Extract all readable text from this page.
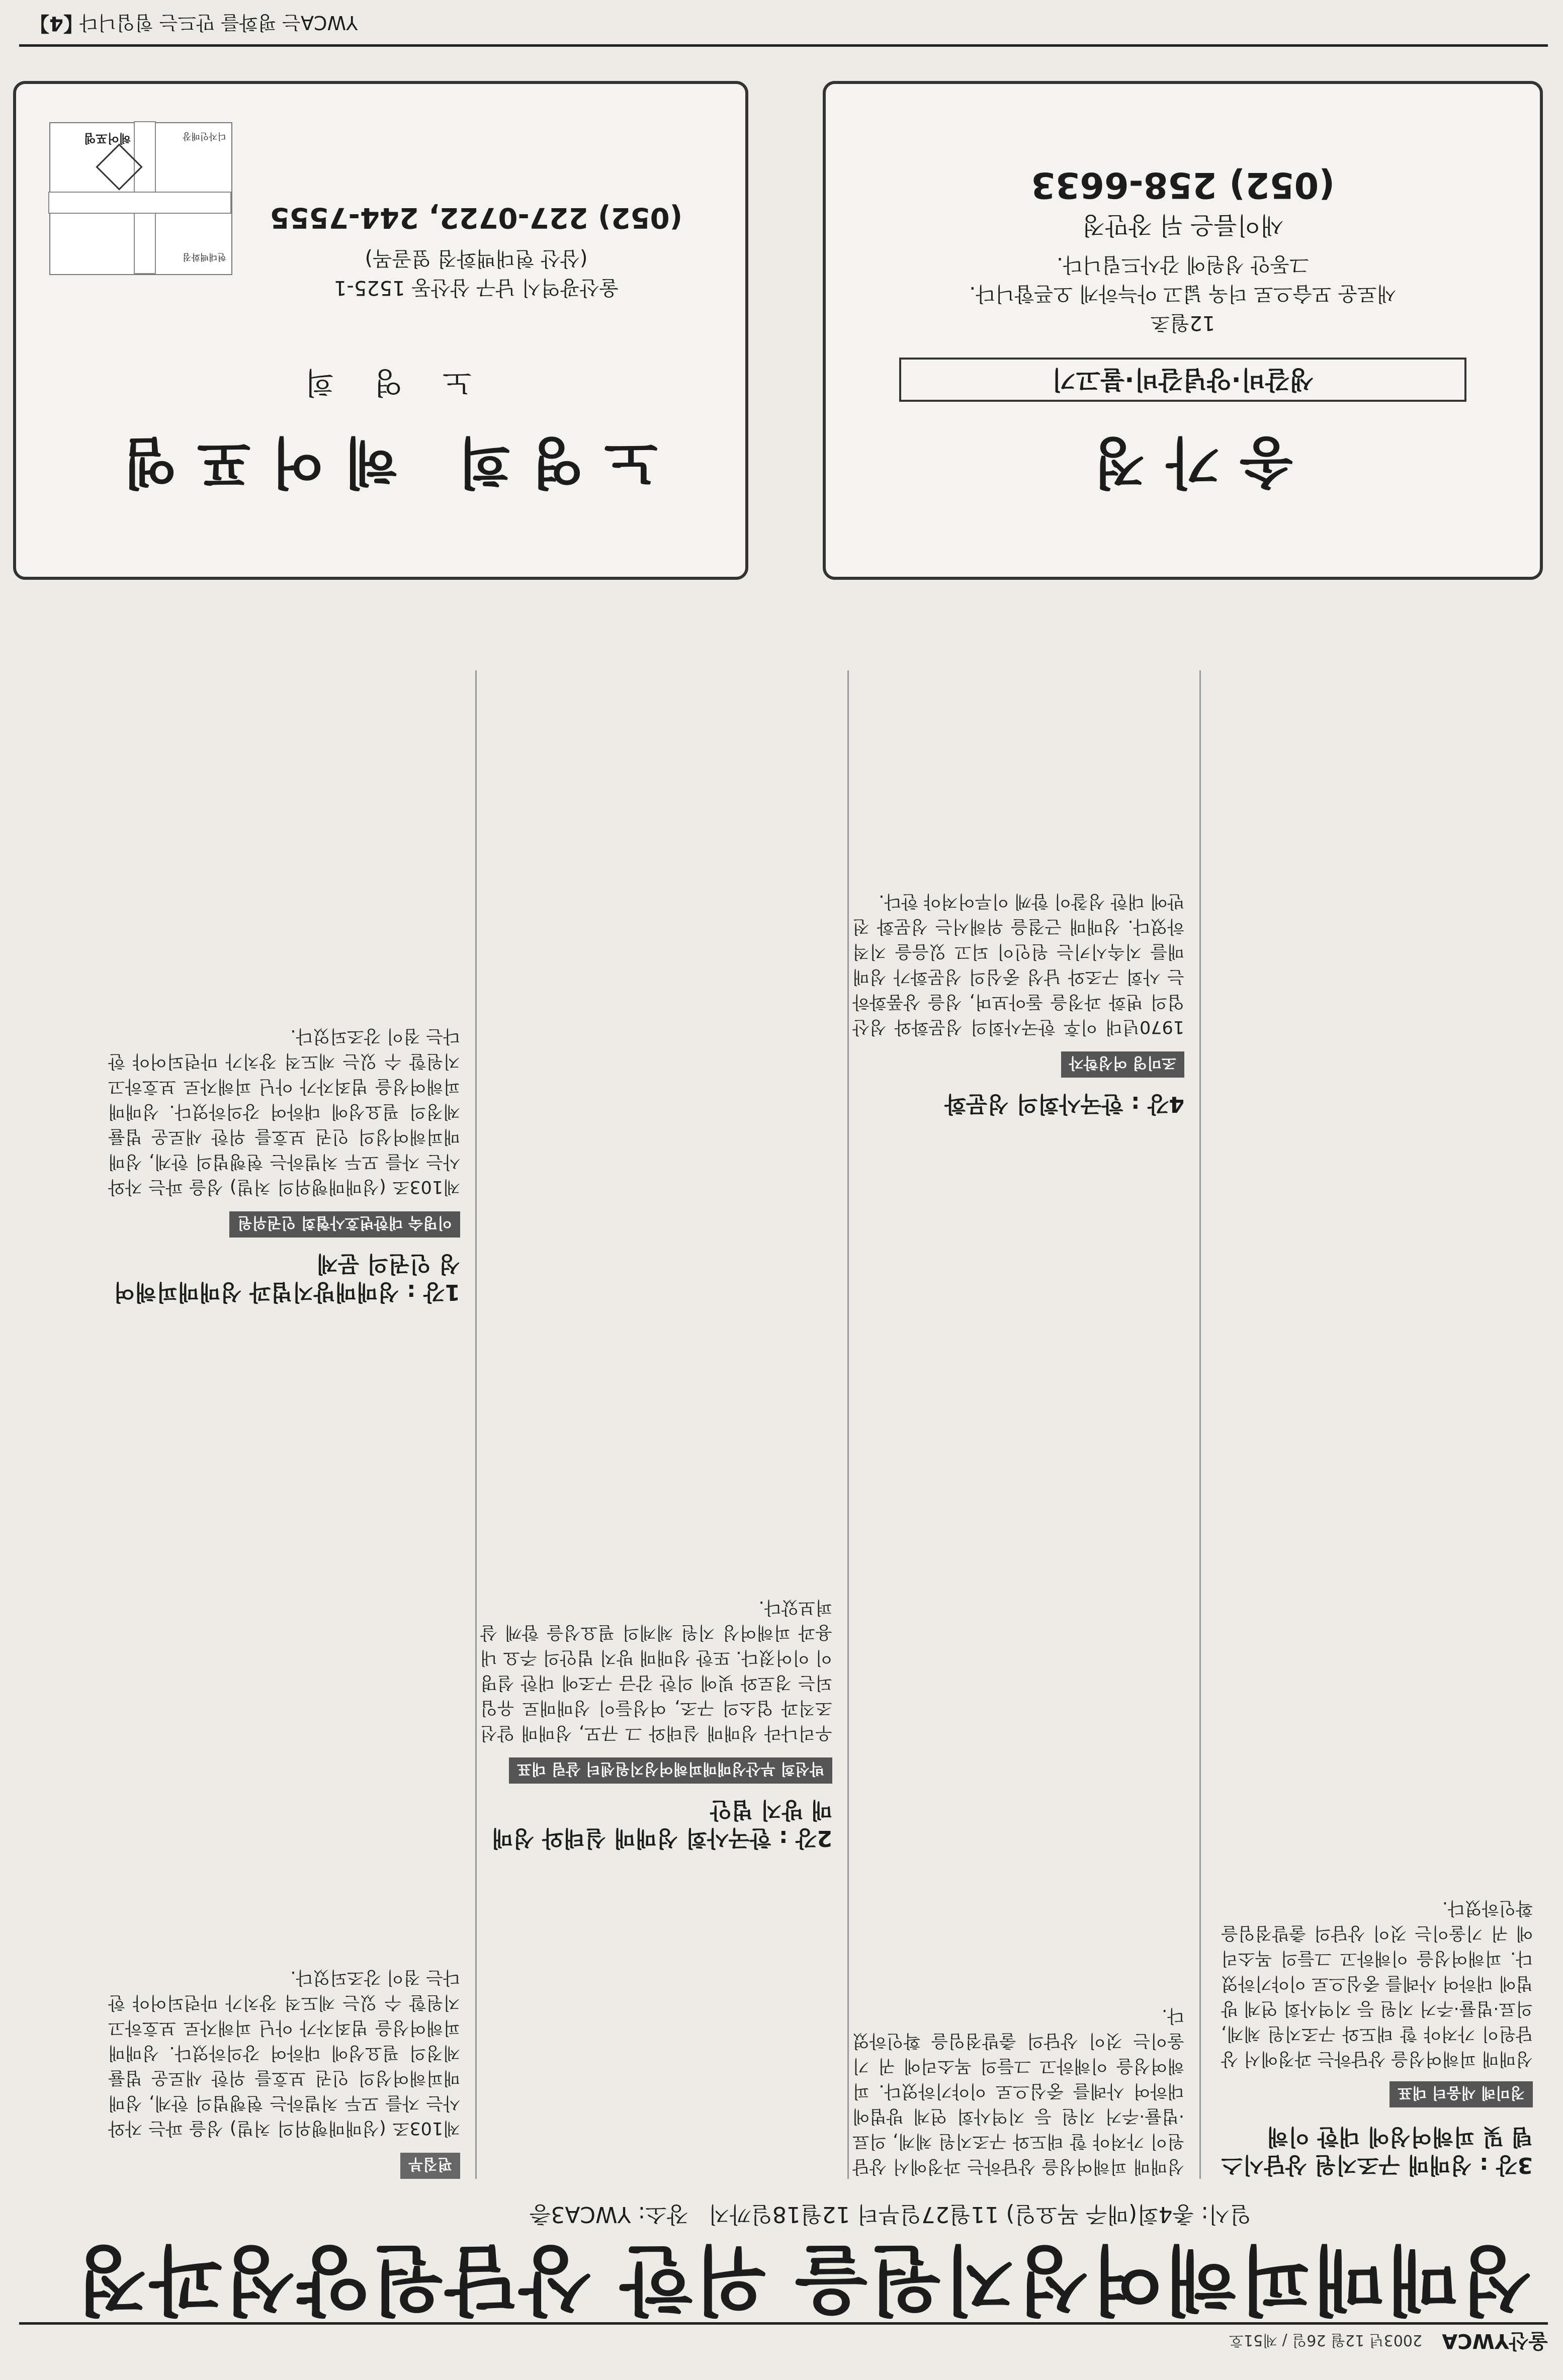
울산YWCA
2003년 12월 26일 / 제51호
성매매피해여성지원을 위한 상담원양성과정
일시: 총4회(매주 목요일) 11월27일부터 12월18일까지장소: YWCA3층
3강 : 성매매 구조지원 상담시스템 및 피해여성에 대한 이해
정미례 새움터 대표
성매매 피해여성을 상담하는 과정에서 상담원이 가져야 할 태도와 구조지원 체계, 의료·법률·주거 지원 등 지역사회 연계 방법에 대하여 사례를 중심으로 이야기하였다. 피해여성을 이해하고 그들의 목소리에 귀 기울이는 것이 상담의 출발점임을 확인하였다.
성매매 피해여성을 상담하는 과정에서 상담원이 가져야 할 태도와 구조지원 체계, 의료·법률·주거 지원 등 지역사회 연계 방법에 대하여 사례를 중심으로 이야기하였다. 피해여성을 이해하고 그들의 목소리에 귀 기울이는 것이 상담의 출발점임을 확인하였다.
4강 : 한국사회의 성문화
조미영 여성학자
1970년대 이후 한국사회의 성문화와 성산업의 변화 과정을 돌아보며, 성을 상품화하는 사회 구조와 남성 중심의 성문화가 성매매를 지속시키는 원인이 되고 있음을 지적하였다. 성매매 근절을 위해서는 성문화 전반에 대한 성찰이 함께 이루어져야 한다.
2강 : 한국사회 성매매 실태와 성매매 방지 법안
박선희 부산성매매피해여성지원센터 살림 대표
우리나라 성매매 실태와 그 규모, 성매매 알선 조직과 업소의 구조, 여성들이 성매매로 유입되는 경로와 빚에 의한 감금 구조에 대한 설명이 이어졌다. 또한 성매매 방지 법안의 주요 내용과 피해여성 지원 체계의 필요성을 함께 살펴보았다.
편집부
제103조 (성매매행위의 처벌) 성을 파는 자와 사는 자를 모두 처벌하는 현행법의 한계, 성매매피해여성의 인권 보호를 위한 새로운 법률 제정의 필요성에 대하여 강의하였다. 성매매 피해여성을 범죄자가 아닌 피해자로 보호하고 지원할 수 있는 제도적 장치가 마련되어야 한다는 점이 강조되었다.
1강 : 성매매방지법과 성매매피해여성 인권의 문제
이명숙 대한변호사협회 인권위원
제103조 (성매매행위의 처벌) 성을 파는 자와 사는 자를 모두 처벌하는 현행법의 한계, 성매매피해여성의 인권 보호를 위한 새로운 법률 제정의 필요성에 대하여 강의하였다. 성매매 피해여성을 범죄자가 아닌 피해자로 보호하고 지원할 수 있는 제도적 장치가 마련되어야 한다는 점이 강조되었다.
노영희 헤어포엠
노 영 희
헤어포엠
현대백화점
디자인매장
울산광역시 남구 삼산동 1525-1
(삼산 현대백화점 옆골목)
(052) 227-0722, 244-7555
송가정
생갈비·양념갈비·불고기
12월초
새로운 모습으로 더욱 넓고 아늑하게 오픈합니다.
그동안 성원에 감사드립니다.
새이름은 뒤 장만정
(052) 258-6633
【4】	YWCA는 평화를 만드는 힘입니다
